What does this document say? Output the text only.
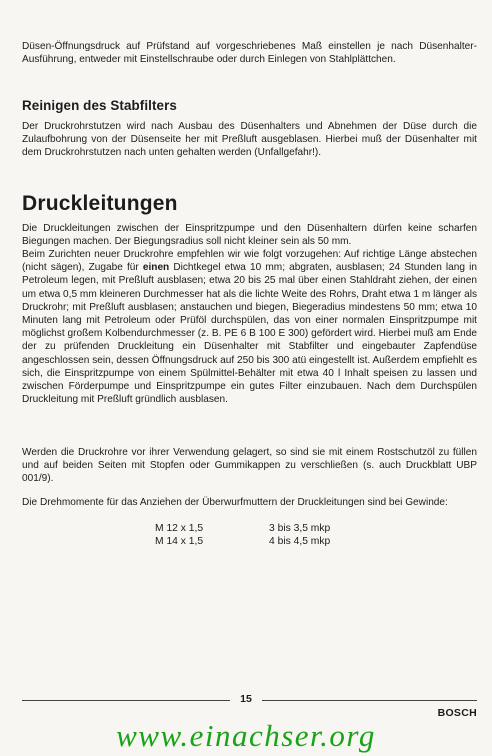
Düsen-Öffnungsdruck auf Prüfstand auf vorgeschriebenes Maß einstellen je nach Düsenhalter-Ausführung, entweder mit Einstellschraube oder durch Einlegen von Stahlplättchen.

Reinigen des Stabfilters

Der Druckrohrstutzen wird nach Ausbau des Düsenhalters und Abnehmen der Düse durch die Zulaufbohrung von der Düsenseite her mit Preßluft ausgeblasen. Hierbei muß der Düsenhalter mit dem Druckrohrstutzen nach unten gehalten werden (Unfallgefahr!).

Druckleitungen

Die Druckleitungen zwischen der Einspritzpumpe und den Düsenhaltern dürfen keine scharfen Biegungen machen. Der Biegungsradius soll nicht kleiner sein als 50 mm.

Beim Zurichten neuer Druckrohre empfehlen wir wie folgt vorzugehen: Auf richtige Länge abstechen (nicht sägen), Zugabe für einen Dichtkegel etwa 10 mm; abgraten, ausblasen; 24 Stunden lang in Petroleum legen, mit Preßluft ausblasen; etwa 20 bis 25 mal über einen Stahldraht ziehen, der einen um etwa 0,5 mm kleineren Durchmesser hat als die lichte Weite des Rohrs, Draht etwa 1 m länger als Druckrohr; mit Preßluft ausblasen; anstauchen und biegen, Biegeradius mindestens 50 mm; etwa 10 Minuten lang mit Petroleum oder Prüföl durchspülen, das von einer normalen Einspritzpumpe mit möglichst großem Kolbendurchmesser (z. B. PE 6 B 100 E 300) gefördert wird. Hierbei muß am Ende der zu prüfenden Druckleitung ein Düsenhalter mit Stabfilter und eingebauter Zapfendüse angeschlossen sein, dessen Öffnungsdruck auf 250 bis 300 atü eingestellt ist. Außerdem empfiehlt es sich, die Einspritzpumpe von einem Spülmittel-Behälter mit etwa 40 l Inhalt speisen zu lassen und zwischen Förderpumpe und Einspritzpumpe ein gutes Filter einzubauen. Nach dem Durchspülen Druckleitung mit Preßluft gründlich ausblasen.

Werden die Druckrohre vor ihrer Verwendung gelagert, so sind sie mit einem Rostschutzöl zu füllen und auf beiden Seiten mit Stopfen oder Gummikappen zu verschließen (s. auch Druckblatt UBP 001/9).

Die Drehmomente für das Anziehen der Überwurfmuttern der Druckleitungen sind bei Gewinde:

M 12 x 1,5	3 bis 3,5 mkp
M 14 x 1,5	4 bis 4,5 mkp
15
BOSCH
www.einachser.org
